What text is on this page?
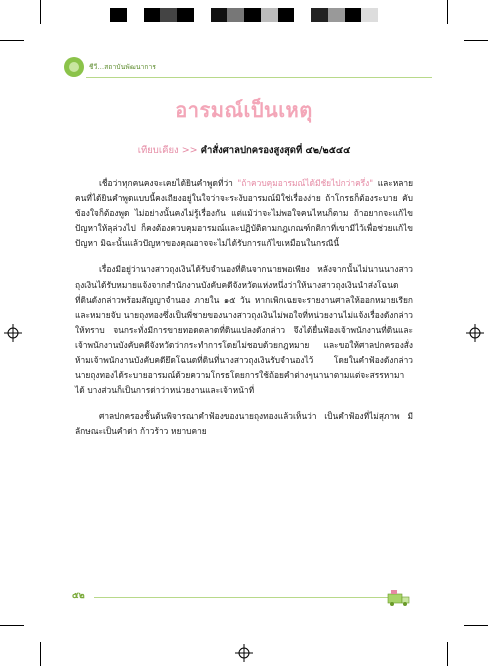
ชีวี...สถาบันพัฒนาการ
อารมณ์เป็นเหตุ
เทียบเคียง >> คำสั่งศาลปกครองสูงสุดที่ ๔๒/๒๕๔๔

เชื่อว่าทุกคนคงจะเคยได้ยินคำพูดที่ว่า "ถ้าควบคุมอารมณ์ได้มีชัยไปกว่าครึ่ง" และหลายคนที่ได้ยินคำพูดแบบนี้คงเถียงอยู่ในใจว่าจะระงับอารมณ์มิใช่เรื่องง่าย ถ้าโกรธก็ต้องระบาย คับข้องใจก็ต้องพูด ไม่อย่างนั้นคงไม่รู้เรื่องกัน แต่แม้ว่าจะไม่พอใจคนไหนก็ตาม ถ้าอยากจะแก้ไขปัญหาให้ลุล่วงไป ก็คงต้องควบคุมอารมณ์และปฏิบัติตามกฎเกณฑ์กติกาที่เขามีไว้เพื่อช่วยแก้ไขปัญหา มิฉะนั้นแล้วปัญหาของคุณอาจจะไม่ได้รับการแก้ไขเหมือนในกรณีนี้

เรื่องมีอยู่ว่านางสาวถุงเงินได้รับจำนองที่ดินจากนายพอเพียง หลังจากนั้นไม่นานนางสาวถุงเงินได้รับหมายแจ้งจากสำนักงานบังคับคดีจังหวัดแห่งหนึ่งว่าให้นางสาวถุงเงินนำส่งโฉนดที่ดินดังกล่าวพร้อมสัญญาจำนอง ภายใน ๑๕ วัน หากเพิกเฉยจะรายงานศาลให้ออกหมายเรียกและหมายจับ นายถุงทองซึ่งเป็นพี่ชายของนางสาวถุงเงินไม่พอใจที่หน่วยงานไม่แจ้งเรื่องดังกล่าวให้ทราบ จนกระทั่งมีการขายทอดตลาดที่ดินแปลงดังกล่าว จึงได้ยื่นฟ้องเจ้าพนักงานที่ดินและเจ้าพนักงานบังคับคดีจังหวัดว่ากระทำการโดยไม่ชอบด้วยกฎหมาย และขอให้ศาลปกครองสั่งห้ามเจ้าพนักงานบังคับคดียึดโฉนดที่ดินที่นางสาวถุงเงินรับจำนองไว้ โดยในคำฟ้องดังกล่าว นายถุงทองได้ระบายอารมณ์ด้วยความโกรธโดยการใช้ถ้อยคำต่างๆนานาตามแต่จะสรรหามาได้ บางส่วนก็เป็นการด่าว่าหน่วยงานและเจ้าหน้าที่

ศาลปกครองชั้นต้นพิจารณาคำฟ้องของนายถุงทองแล้วเห็นว่า เป็นคำฟ้องที่ไม่สุภาพ มีลักษณะเป็นคำด่า ก้าวร้าว หยาบคาย

๕๒
